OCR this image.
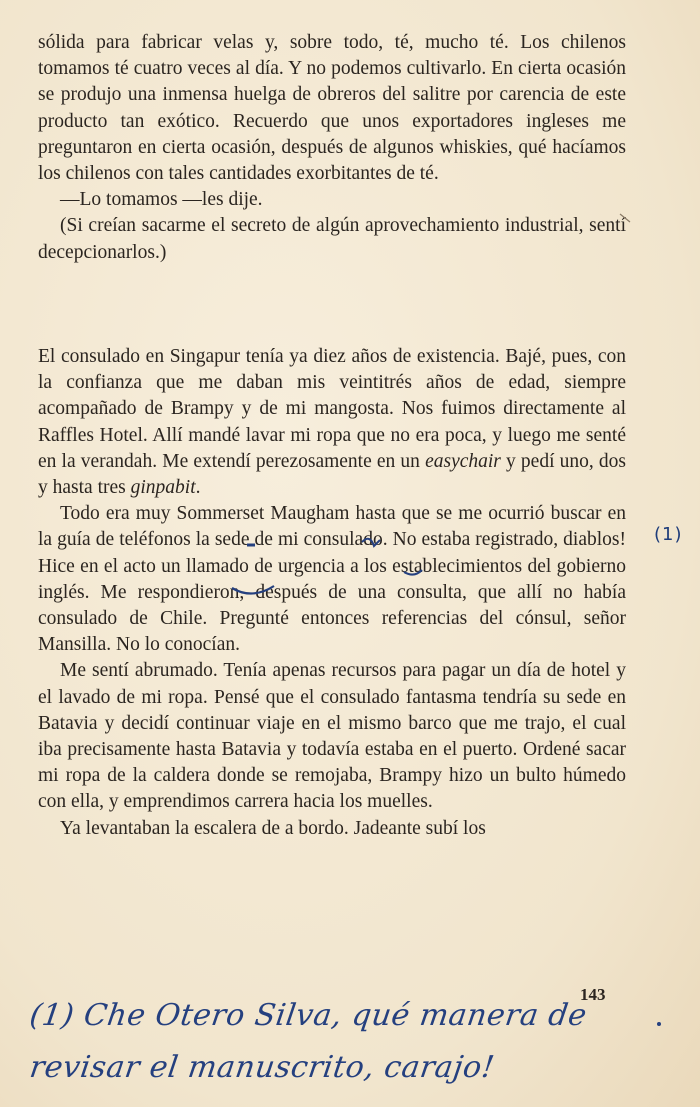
sólida para fabricar velas y, sobre todo, té, mucho té. Los chilenos tomamos té cuatro veces al día. Y no podemos cultivarlo. En cierta ocasión se produjo una inmensa huelga de obreros del salitre por carencia de este producto tan exótico. Recuerdo que unos exportadores ingleses me preguntaron en cierta ocasión, después de algunos whiskies, qué hacíamos los chilenos con tales cantidades exorbitantes de té.

—Lo tomamos —les dije.

(Si creían sacarme el secreto de algún aprovechamiento industrial, sentí decepcionarlos.)

El consulado en Singapur tenía ya diez años de existencia. Bajé, pues, con la confianza que me daban mis veintitrés años de edad, siempre acompañado de Brampy y de mi mangosta. Nos fuimos directamente al Raffles Hotel. Allí mandé lavar mi ropa que no era poca, y luego me senté en la verandah. Me extendí perezosamente en un easychair y pedí uno, dos y hasta tres ginpabit.

Todo era muy Sommerset Maugham hasta que se me ocurrió buscar en la guía de teléfonos la sede de mi consulado. No estaba registrado, diablos! Hice en el acto un llamado de urgencia a los establecimientos del gobierno inglés. Me respondieron, después de una consulta, que allí no había consulado de Chile. Pregunté entonces referencias del cónsul, señor Mansilla. No lo conocían.

Me sentí abrumado. Tenía apenas recursos para pagar un día de hotel y el lavado de mi ropa. Pensé que el consulado fantasma tendría su sede en Batavia y decidí continuar viaje en el mismo barco que me trajo, el cual iba precisamente hasta Batavia y todavía estaba en el puerto. Ordené sacar mi ropa de la caldera donde se remojaba, Brampy hizo un bulto húmedo con ella, y emprendimos carrera hacia los muelles.

Ya levantaban la escalera de a bordo. Jadeante subí los

143
(1)
(1) Che Otero Silva, qué manera de
revisar el manuscrito, carajo!
